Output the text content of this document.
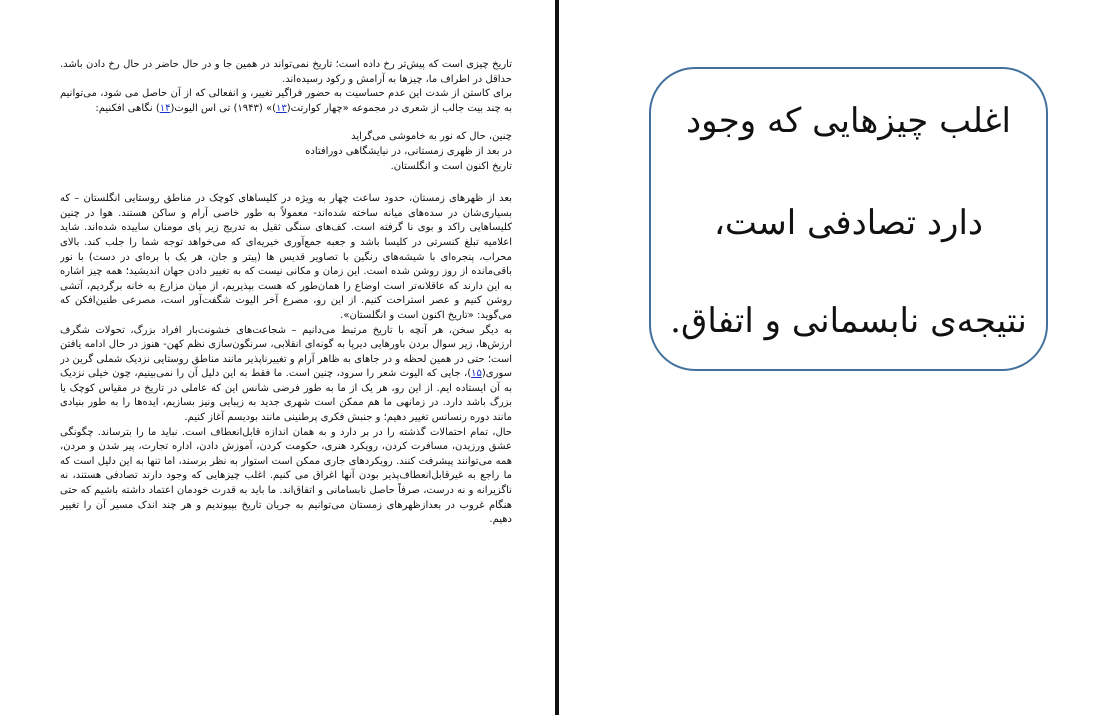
تاریخ چیزی است که پیش‌تر رخ داده است؛ تاریخ نمی‌تواند در همین جا و در حال حاضر در حال رخ دادن باشد. حداقل در اطراف ما، چیزها به آرامش و رکود رسیده‌اند.

برای کاستن از شدت این عدم حساسیت به حضور فراگیر تغییر، و انفعالی که از آن حاصل می شود، می‌توانیم به چند بیت جالب از شعری در مجموعه «چهار کوارتت(۱۳)» (۱۹۴۳) تی اس الیوت(۱۴) نگاهی افکنیم:

چنین، حال که نور به خاموشی می‌گراید

در بعد از ظهری زمستانی، در نیایشگاهی دورافتاده

تاریخ اکنون است و انگلستان.

بعد از ظهرهای زمستان، حدود ساعت چهار به ویژه در کلیساهای کوچک در مناطق روستایی انگلستان – که بسیاری‌شان در سده‌های میانه ساخته شده‌اند- معمولاً به طور خاصی آرام و ساکن هستند. هوا در چنین کلیساهایی راکد و بوی نا گرفته است. کف‌های سنگی ثقیل به تدریج زیر پای مومنان ساییده شده‌اند. شاید اعلامیه تبلغ کنسرتی در کلیسا باشد و جعبه جمع‌آوری خیریه‌ای که می‌خواهد توجه شما را جلب کند. بالای محراب، پنجره‌ای با شیشه‌های رنگین با تصاویر قدیس ها (پیتر و جان، هر یک با بره‌ای در دست) با نور باقی‌مانده از روز روشن شده است. این زمان و مکانی نیست که به تغییر دادن جهان اندیشید؛ همه چیز اشاره به این دارند که عاقلانه‌تر است اوضاع را همان‌طور که هست بپذیریم، از میان مزارع به خانه برگردیم، آتشی روشن کنیم و عصر استراحت کنیم. از این رو، مصرع آخر الیوت شگفت‌آور است، مصرعی طنین‌افکن که می‌گوید: «تاریخ اکنون است و انگلستان».

به دیگر سخن، هر آنچه با تاریخ مرتبط می‌دانیم – شجاعت‌های خشونت‌بار افراد بزرگ، تحولات شگرف ارزش‌ها، زیر سوال بردن باورهایی دیرپا به گونه‌ای انقلابی، سرنگون‌سازی نظم کهن- هنوز در حال ادامه یافتن است؛ حتی در همین لحظه و در جاهای به ظاهر آرام و تغییرناپذیر مانند مناطق روستایی نزدیک شملی گرین در سوری(۱۵)، جایی که الیوت شعر را سرود، چنین است. ما فقط به این دلیل آن را نمی‌بینیم، چون خیلی نزدیک به آن ایستاده ایم. از این رو، هر یک از ما به طور فرضی شانس این که عاملی در تاریخ در مقیاس کوچک یا بزرگ باشد دارد. در زمانهی ما هم ممکن است شهری جدید به زیبایی ونیز بسازیم، ایده‌ها را به طور بنیادی مانند دوره رنسانس تغییر دهیم؛ و جنبش فکری پرطنینی مانند بودیسم آغاز کنیم.

حال، تمام احتمالات گذشته را در بر دارد و به همان اندازه قابل‌انعطاف است. نباید ما را بترساند. چگونگی عشق ورزیدن، مسافرت کردن، رویکرد هنری، حکومت کردن، آموزش دادن، اداره تجارت، پیر شدن و مردن، همه می‌توانند پیشرفت کنند. رویکردهای جاری ممکن است استوار به نظر برسند، اما تنها به این دلیل است که ما راجع به غیرقابل‌انعطاف‌پذیر بودن آنها اغراق می کنیم. اغلب چیزهایی که وجود دارند تصادفی هستند، نه ناگزیرانه و نه درست، صرفاً حاصل نابسامانی و اتفاق‌اند. ما باید به قدرت خودمان اعتماد داشته باشیم که حتی هنگام غروب در بعدازظهرهای زمستان می‌توانیم به جریان تاریخ بپیوندیم و هر چند اندک مسیر آن را تغییر دهیم.

اغلب چیزهایی که وجود
دارد تصادفی است،
نتیجه‌ی نابسمانی و اتفاق.
